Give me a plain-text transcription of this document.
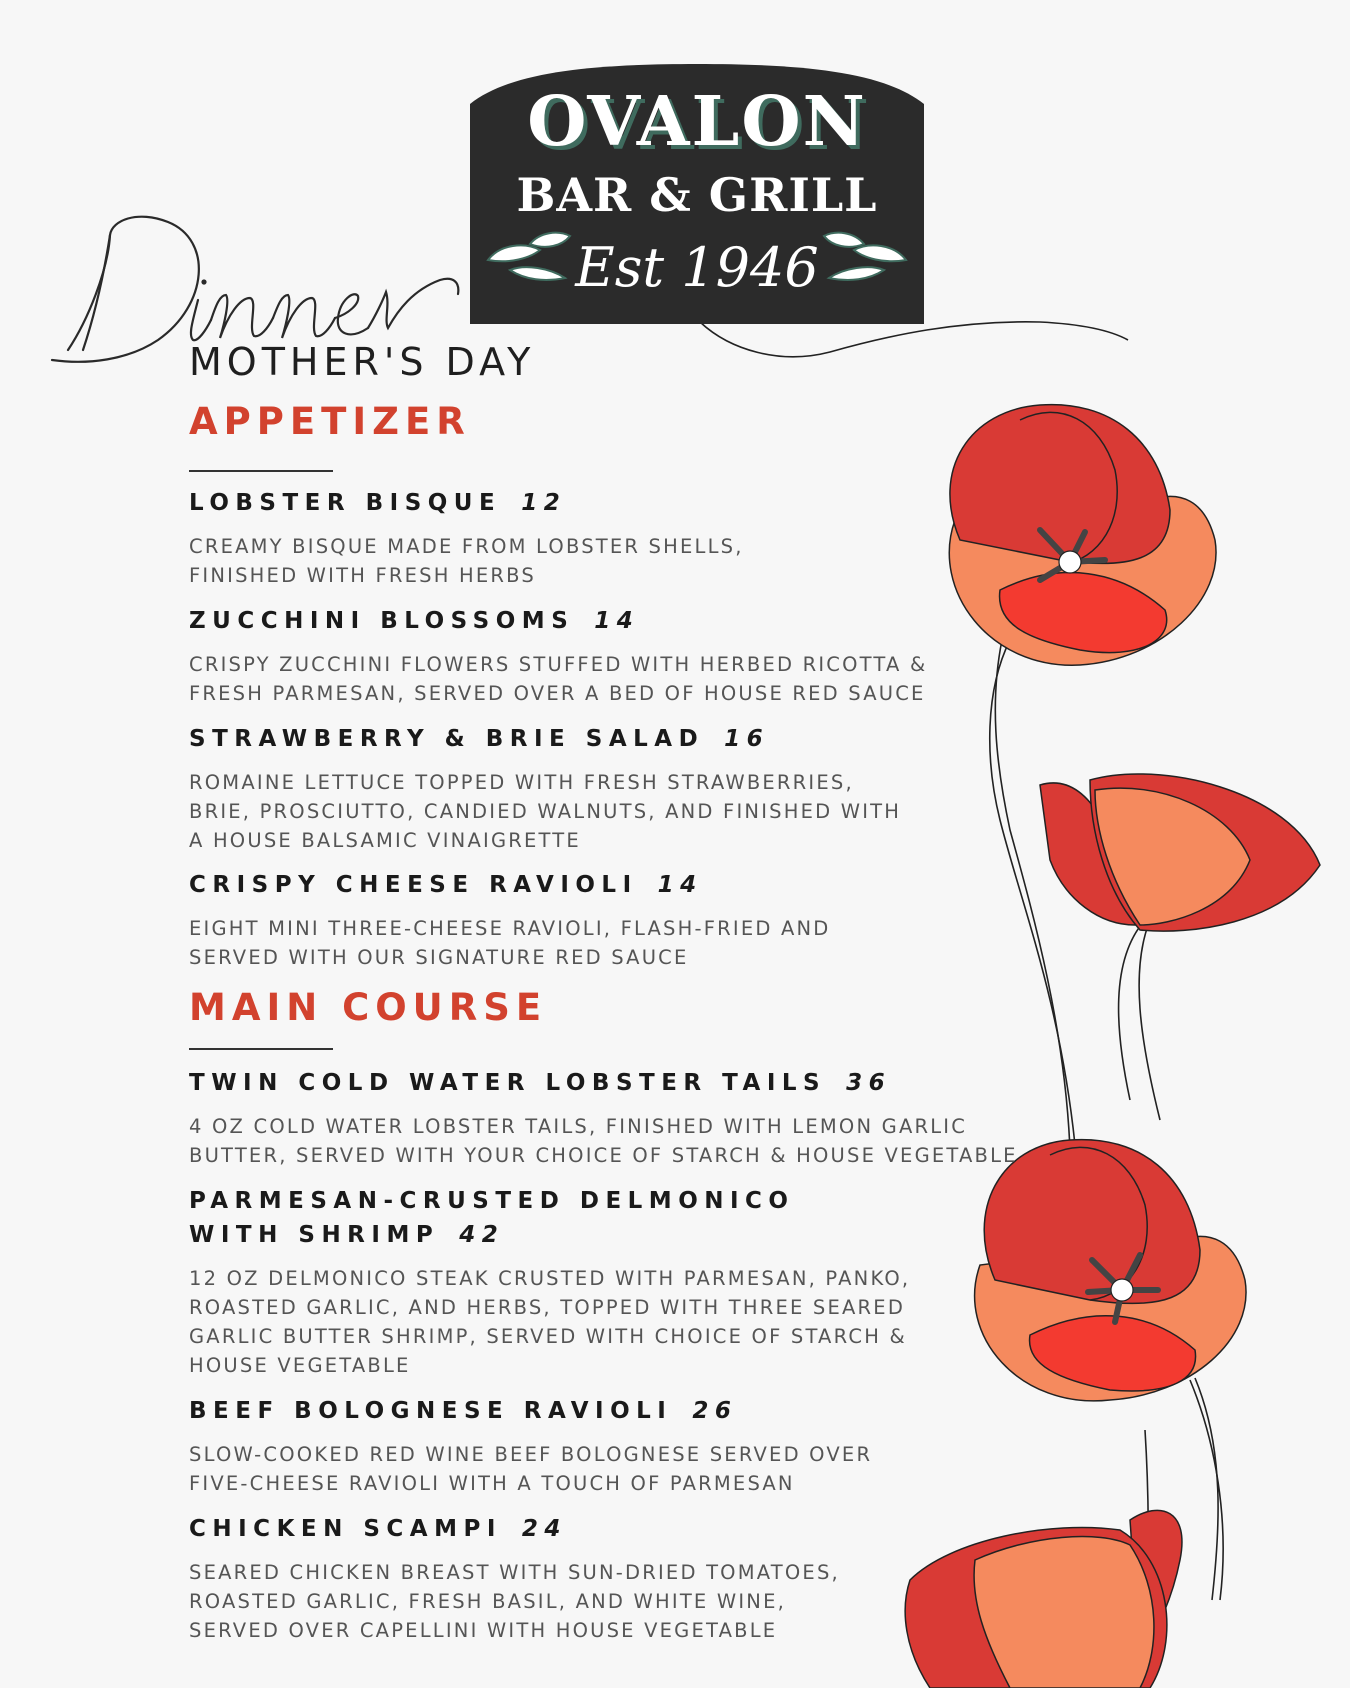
OVALON
BAR & GRILL
Est 1946
MOTHER'S DAY
APPETIZER
LOBSTER BISQUE 12
CREAMY BISQUE MADE FROM LOBSTER SHELLS,
FINISHED WITH FRESH HERBS
ZUCCHINI BLOSSOMS 14
CRISPY ZUCCHINI FLOWERS STUFFED WITH HERBED RICOTTA &
FRESH PARMESAN, SERVED OVER A BED OF HOUSE RED SAUCE
STRAWBERRY & BRIE SALAD 16
ROMAINE LETTUCE TOPPED WITH FRESH STRAWBERRIES,
BRIE, PROSCIUTTO, CANDIED WALNUTS, AND FINISHED WITH
A HOUSE BALSAMIC VINAIGRETTE
CRISPY CHEESE RAVIOLI 14
EIGHT MINI THREE-CHEESE RAVIOLI, FLASH-FRIED AND
SERVED WITH OUR SIGNATURE RED SAUCE
MAIN COURSE
TWIN COLD WATER LOBSTER TAILS 36
4 OZ COLD WATER LOBSTER TAILS, FINISHED WITH LEMON GARLIC
BUTTER, SERVED WITH YOUR CHOICE OF STARCH & HOUSE VEGETABLE
PARMESAN-CRUSTED DELMONICO
WITH SHRIMP 42
12 OZ DELMONICO STEAK CRUSTED WITH PARMESAN, PANKO,
ROASTED GARLIC, AND HERBS, TOPPED WITH THREE SEARED
GARLIC BUTTER SHRIMP, SERVED WITH CHOICE OF STARCH &
HOUSE VEGETABLE
BEEF BOLOGNESE RAVIOLI 26
SLOW-COOKED RED WINE BEEF BOLOGNESE SERVED OVER
FIVE-CHEESE RAVIOLI WITH A TOUCH OF PARMESAN
CHICKEN SCAMPI 24
SEARED CHICKEN BREAST WITH SUN-DRIED TOMATOES,
ROASTED GARLIC, FRESH BASIL, AND WHITE WINE,
SERVED OVER CAPELLINI WITH HOUSE VEGETABLE
